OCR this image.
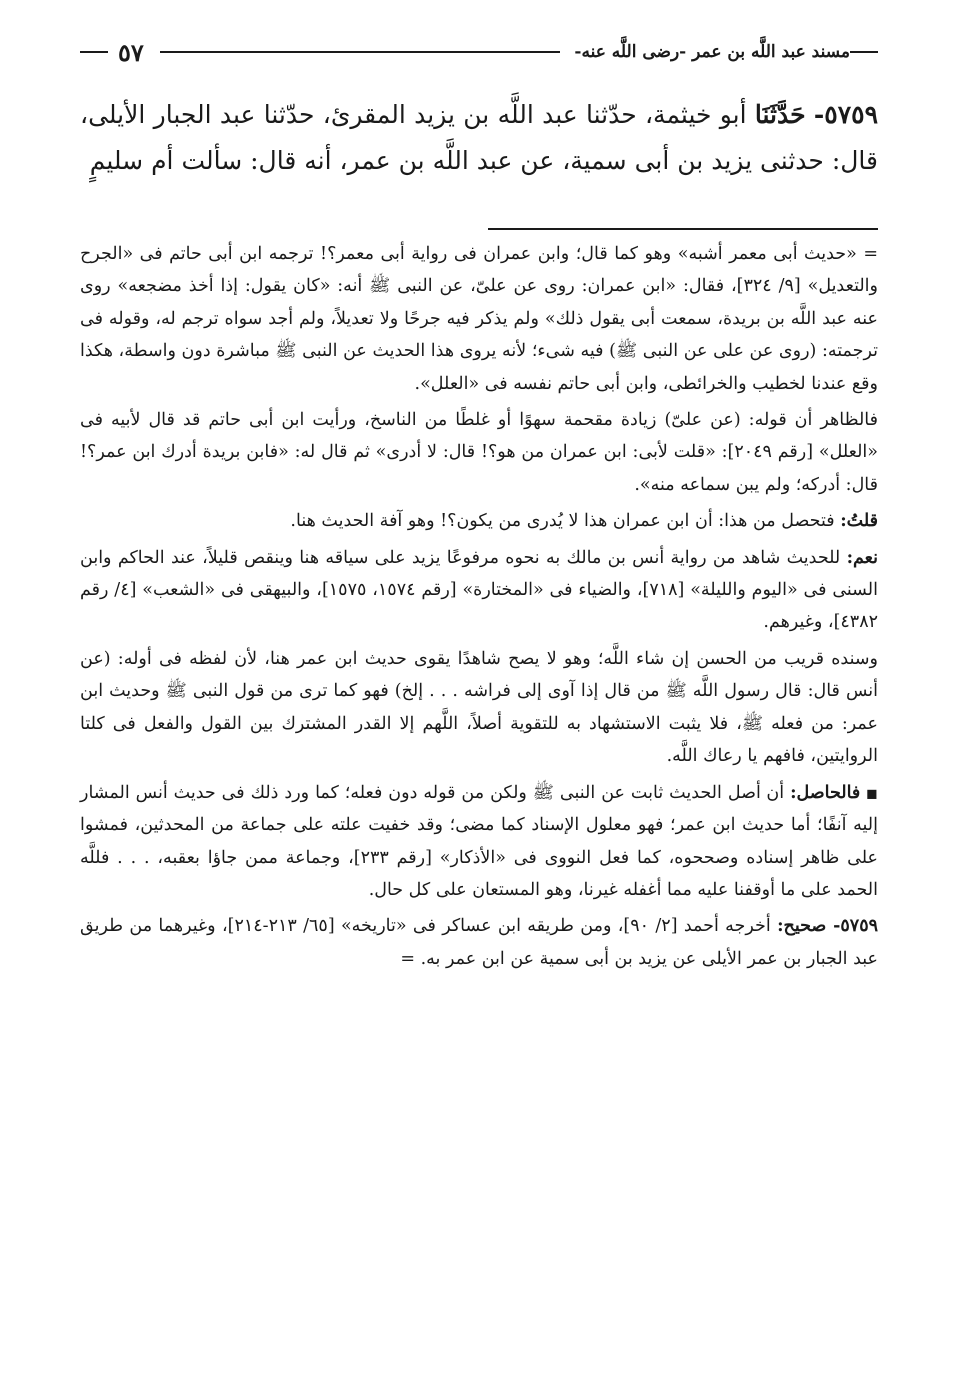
مسند عبد اللَّه بن عمر -رضى اللَّه عنه-
٥٧
٥٧٥٩- حَدَّثَنَا أبو خيثمة، حدّثنا عبد اللَّه بن يزيد المقرئ، حدّثنا عبد الجبار الأيلى، قال: حدثنى يزيد بن أبى سمية، عن عبد اللَّه بن عمر، أنه قال: سألت أم سليمٍ

= «حديث أبى معمر أشبه» وهو كما قال؛ وابن عمران فى رواية أبى معمر؟! ترجمه ابن أبى حاتم فى «الجرح والتعديل» [٩/ ٣٢٤]، فقال: «ابن عمران: روى عن علىّ، عن النبى ﷺ أنه: «كان يقول: إذا أخذ مضجعه» روى عنه عبد اللَّه بن بريدة، سمعت أبى يقول ذلك» ولم يذكر فيه جرحًا ولا تعديلاً، ولم أجد سواه ترجم له، وقوله فى ترجمته: (روى عن على عن النبى ﷺ) فيه شىء؛ لأنه يروى هذا الحديث عن النبى ﷺ مباشرة دون واسطة، هكذا وقع عندنا لخطيب والخرائطى، وابن أبى حاتم نفسه فى «العلل».

فالظاهر أن قوله: (عن علىّ) زيادة مقحمة سهوًا أو غلطًا من الناسخ، ورأيت ابن أبى حاتم قد قال لأبيه فى «العلل» [رقم ٢٠٤٩]: «قلت لأبى: ابن عمران من هو؟! قال: لا أدرى» ثم قال له: «فابن بريدة أدرك ابن عمر؟! قال: أدركه؛ ولم يبن سماعه منه».

قلتُ: فتحصل من هذا: أن ابن عمران هذا لا يُدرى من يكون؟! وهو آفة الحديث هنا.

نعم: للحديث شاهد من رواية أنس بن مالك به نحوه مرفوعًا يزيد على سياقه هنا وينقص قليلاً، عند الحاكم وابن السنى فى «اليوم والليلة» [٧١٨]، والضياء فى «المختارة» [رقم ١٥٧٤، ١٥٧٥]، والبيهقى فى «الشعب» [٤/ رقم ٤٣٨٢]، وغيرهم.

وسنده قريب من الحسن إن شاء اللَّه؛ وهو لا يصح شاهدًا يقوى حديث ابن عمر هنا، لأن لفظه فى أوله: (عن أنس قال: قال رسول اللَّه ﷺ من قال إذا آوى إلى فراشه . . . إلخ) فهو كما ترى من قول النبى ﷺ وحديث ابن عمر: من فعله ﷺ، فلا يثبت الاستشهاد به للتقوية أصلاً، اللَّهم إلا القدر المشترك بين القول والفعل فى كلتا الروايتين، فافهم يا رعاك اللَّه.

■ فالحاصل: أن أصل الحديث ثابت عن النبى ﷺ ولكن من قوله دون فعله؛ كما ورد ذلك فى حديث أنس المشار إليه آنفًا؛ أما حديث ابن عمر؛ فهو معلول الإسناد كما مضى؛ وقد خفيت علته على جماعة من المحدثين، فمشوا على ظاهر إسناده وصححوه، كما فعل النووى فى «الأذكار» [رقم ٢٣٣]، وجماعة ممن جاؤا بعقبه، . . . فللَّه الحمد على ما أوقفنا عليه مما أغفله غيرنا، وهو المستعان على كل حال.

٥٧٥٩- صحيح: أخرجه أحمد [٢/ ٩٠]، ومن طريقه ابن عساكر فى «تاريخه» [٦٥/ ٢١٣-٢١٤]، وغيرهما من طريق عبد الجبار بن عمر الأيلى عن يزيد بن أبى سمية عن ابن عمر به. =
